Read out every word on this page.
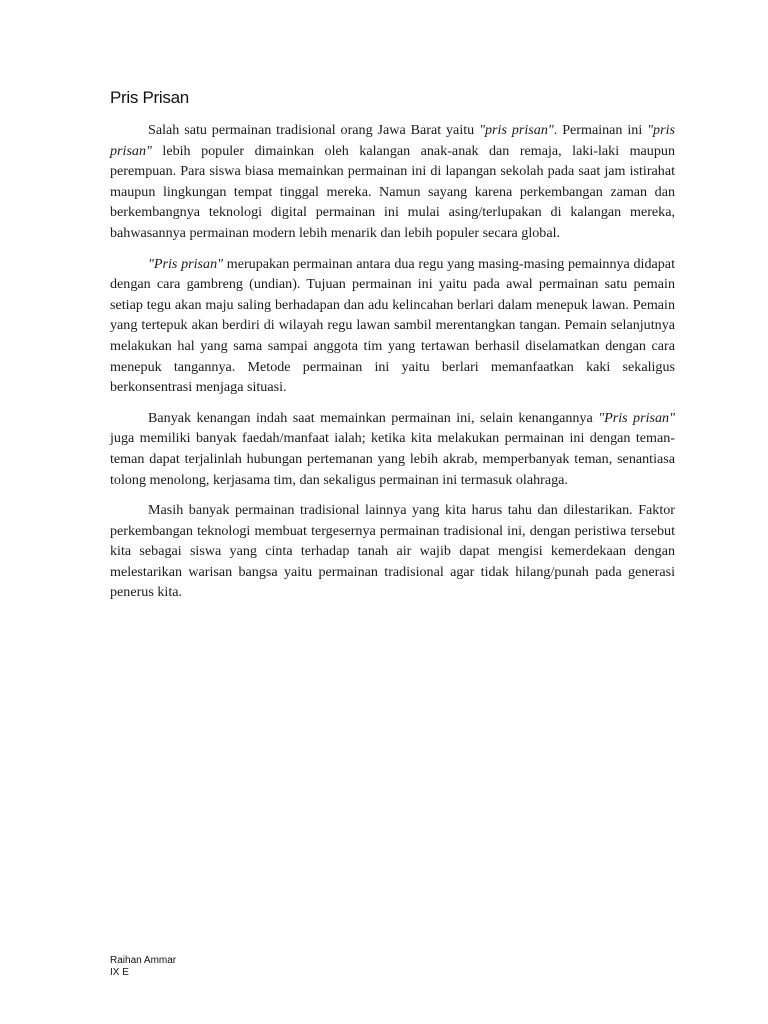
Pris Prisan

Salah satu permainan tradisional orang Jawa Barat yaitu "pris prisan". Permainan ini "pris prisan" lebih populer dimainkan oleh kalangan anak-anak dan remaja, laki-laki maupun perempuan. Para siswa biasa memainkan permainan ini di lapangan sekolah pada saat jam istirahat maupun lingkungan tempat tinggal mereka. Namun sayang karena perkembangan zaman dan berkembangnya teknologi digital permainan ini mulai asing/terlupakan di kalangan mereka, bahwasannya permainan modern lebih menarik dan lebih populer secara global.

"Pris prisan" merupakan permainan antara dua regu yang masing-masing pemainnya didapat dengan cara gambreng (undian). Tujuan permainan ini yaitu pada awal permainan satu pemain setiap tegu akan maju saling berhadapan dan adu kelincahan berlari dalam menepuk lawan. Pemain yang tertepuk akan berdiri di wilayah regu lawan sambil merentangkan tangan. Pemain selanjutnya melakukan hal yang sama sampai anggota tim yang tertawan berhasil diselamatkan dengan cara menepuk tangannya. Metode permainan ini yaitu berlari memanfaatkan kaki sekaligus berkonsentrasi menjaga situasi.

Banyak kenangan indah saat memainkan permainan ini, selain kenangannya "Pris prisan" juga memiliki banyak faedah/manfaat ialah; ketika kita melakukan permainan ini dengan teman-teman dapat terjalinlah hubungan pertemanan yang lebih akrab, memperbanyak teman, senantiasa tolong menolong, kerjasama tim, dan sekaligus permainan ini termasuk olahraga.

Masih banyak permainan tradisional lainnya yang kita harus tahu dan dilestarikan. Faktor perkembangan teknologi membuat tergesernya permainan tradisional ini, dengan peristiwa tersebut kita sebagai siswa yang cinta terhadap tanah air wajib dapat mengisi kemerdekaan dengan melestarikan warisan bangsa yaitu permainan tradisional agar tidak hilang/punah pada generasi penerus kita.

Raihan Ammar
IX E
